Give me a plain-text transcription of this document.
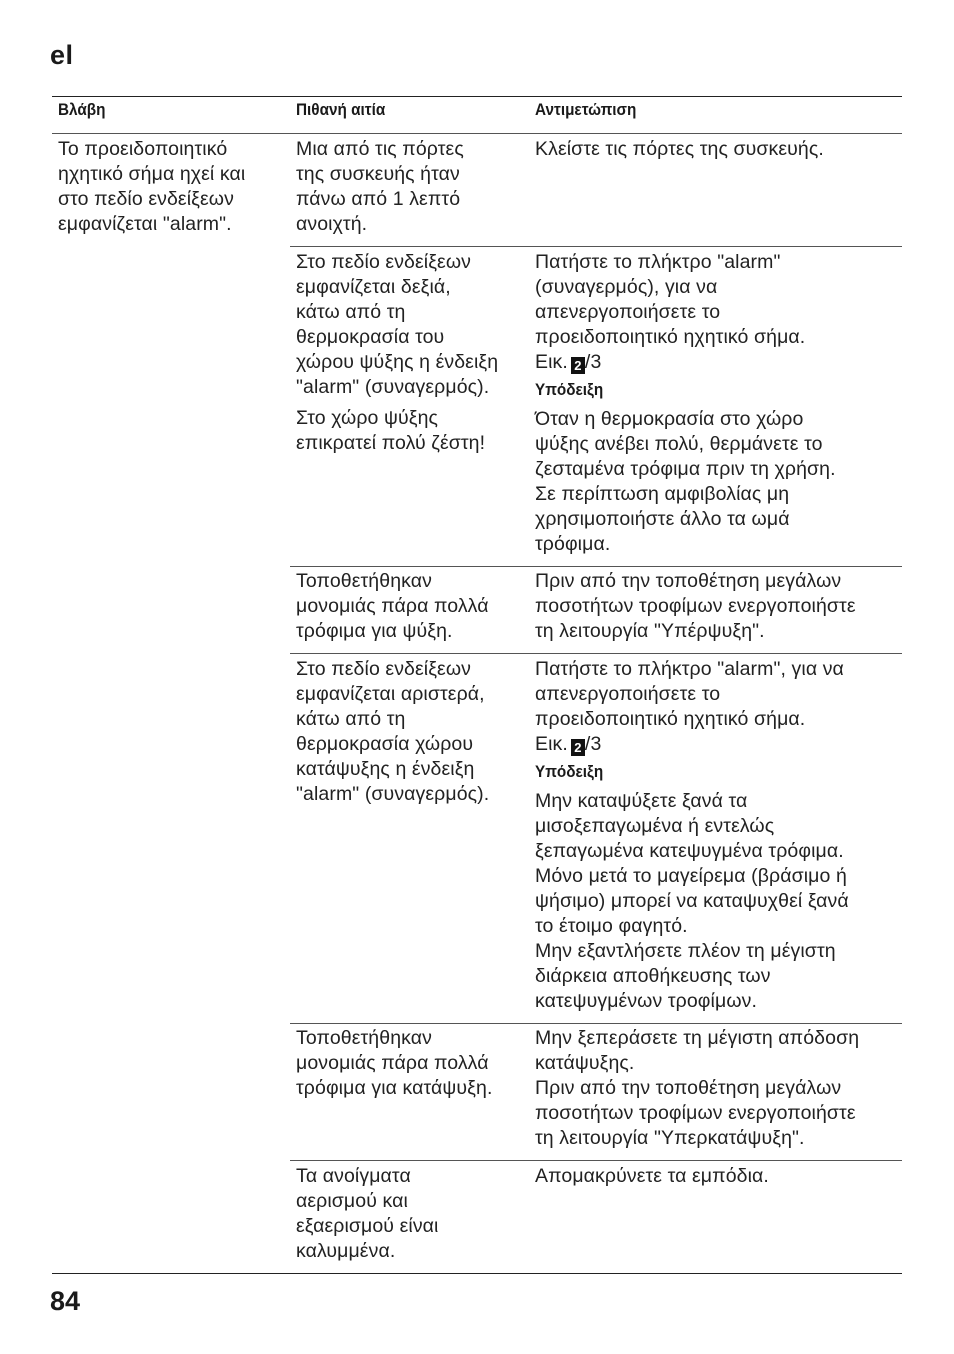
el
Βλάβη	Πιθανή αιτία	Αντιμετώπιση
Το προειδοποιητικό
ηχητικό σήμα ηχεί και
στο πεδίο ενδείξεων
εμφανίζεται "alarm".
Μια από τις πόρτες
της συσκευής ήταν
πάνω από 1 λεπτό
ανοιχτή.
Κλείστε τις πόρτες της συσκευής.
Στο πεδίο ενδείξεων
εμφανίζεται δεξιά,
κάτω από τη
θερμοκρασία του
χώρου ψύξης η ένδειξη
"alarm" (συναγερμός).
Στο χώρο ψύξης
επικρατεί πολύ ζέστη!
Πατήστε το πλήκτρο "alarm"
(συναγερμός), για να
απενεργοποιήσετε το
προειδοποιητικό ηχητικό σήμα.
Εικ. 2 /3
Υπόδειξη
Όταν η θερμοκρασία στο χώρο
ψύξης ανέβει πολύ, θερμάνετε το
ζεσταμένα τρόφιμα πριν τη χρήση.
Σε περίπτωση αμφιβολίας μη
χρησιμοποιήστε άλλο τα ωμά
τρόφιμα.
Τοποθετήθηκαν
μονομιάς πάρα πολλά
τρόφιμα για ψύξη.
Πριν από την τοποθέτηση μεγάλων
ποσοτήτων τροφίμων ενεργοποιήστε
τη λειτουργία "Υπέρψυξη".
Στο πεδίο ενδείξεων
εμφανίζεται αριστερά,
κάτω από τη
θερμοκρασία χώρου
κατάψυξης η ένδειξη
"alarm" (συναγερμός).
Πατήστε το πλήκτρο "alarm", για να
απενεργοποιήσετε το
προειδοποιητικό ηχητικό σήμα.
Εικ. 2 /3
Υπόδειξη
Μην καταψύξετε ξανά τα
μισοξεπαγωμένα ή εντελώς
ξεπαγωμένα κατεψυγμένα τρόφιμα.
Μόνο μετά το μαγείρεμα (βράσιμο ή
ψήσιμο) μπορεί να καταψυχθεί ξανά
το έτοιμο φαγητό.
Μην εξαντλήσετε πλέον τη μέγιστη
διάρκεια αποθήκευσης των
κατεψυγμένων τροφίμων.
Τοποθετήθηκαν
μονομιάς πάρα πολλά
τρόφιμα για κατάψυξη.
Μην ξεπεράσετε τη μέγιστη απόδοση
κατάψυξης.
Πριν από την τοποθέτηση μεγάλων
ποσοτήτων τροφίμων ενεργοποιήστε
τη λειτουργία "Υπερκατάψυξη".
Τα ανοίγματα
αερισμού και
εξαερισμού είναι
καλυμμένα.
Απομακρύνετε τα εμπόδια.
84
